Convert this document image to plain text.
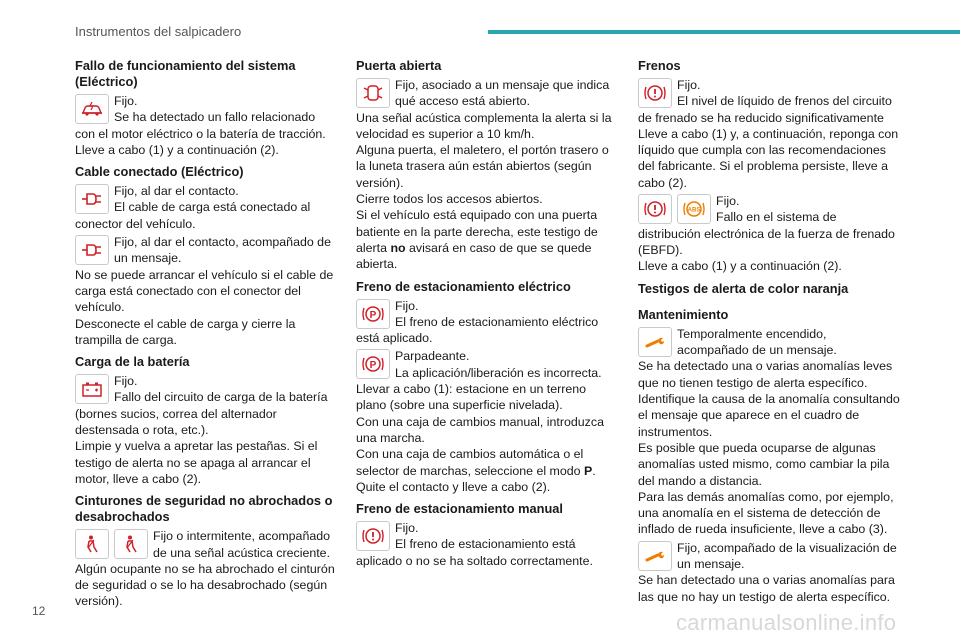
Instrumentos del salpicadero
Fallo de funcionamiento del sistema (Eléctrico)

Fijo.

Se ha detectado un fallo relacionado con el motor eléctrico o la batería de tracción.

Lleve a cabo (1) y a continuación (2).

Cable conectado (Eléctrico)

Fijo, al dar el contacto.

El cable de carga está conectado al conector del vehículo.

Fijo, al dar el contacto, acompañado de un mensaje.

No se puede arrancar el vehículo si el cable de carga está conectado con el conector del vehículo.

Desconecte el cable de carga y cierre la trampilla de carga.

Carga de la batería

Fijo.

Fallo del circuito de carga de la batería (bornes sucios, correa del alternador destensada o rota, etc.).

Limpie y vuelva a apretar las pestañas. Si el testigo de alerta no se apaga al arrancar el motor, lleve a cabo (2).

Cinturones de seguridad no abrochados o desabrochados

Fijo o intermitente, acompañado de una señal acústica creciente.

Algún ocupante no se ha abrochado el cinturón de seguridad o se lo ha desabrochado (según versión).

Puerta abierta

Fijo, asociado a un mensaje que indica qué acceso está abierto.

Una señal acústica complementa la alerta si la velocidad es superior a 10 km/h.

Alguna puerta, el maletero, el portón trasero o la luneta trasera aún están abiertos (según versión).

Cierre todos los accesos abiertos.

Si el vehículo está equipado con una puerta batiente en la parte derecha, este testigo de alerta no avisará en caso de que se quede abierta.

Freno de estacionamiento eléctrico
P

Fijo.

El freno de estacionamiento eléctrico está aplicado.

P

Parpadeante.

La aplicación/liberación es incorrecta.

Llevar a cabo (1): estacione en un terreno plano (sobre una superficie nivelada).

Con una caja de cambios manual, introduzca una marcha.

Con una caja de cambios automática o el selector de marchas, seleccione el modo P.

Quite el contacto y lleve a cabo (2).

Freno de estacionamiento manual

Fijo.

El freno de estacionamiento está aplicado o no se ha soltado correctamente.

Frenos

Fijo.

El nivel de líquido de frenos del circuito de frenado se ha reducido significativamente

Lleve a cabo (1) y, a continuación, reponga con líquido que cumpla con las recomendaciones del fabricante. Si el problema persiste, lleve a cabo (2).

ABS

Fijo.

Fallo en el sistema de distribución electrónica de la fuerza de frenado (EBFD).

Lleve a cabo (1) y a continuación (2).

Testigos de alerta de color naranja
Mantenimiento

Temporalmente encendido, acompañado de un mensaje.

Se ha detectado una o varias anomalías leves que no tienen testigo de alerta específico.

Identifique la causa de la anomalía consultando el mensaje que aparece en el cuadro de instrumentos.

Es posible que pueda ocuparse de algunas anomalías usted mismo, como cambiar la pila del mando a distancia.

Para las demás anomalías como, por ejemplo, una anomalía en el sistema de detección de inflado de rueda insuficiente, lleve a cabo (3).

Fijo, acompañado de la visualización de un mensaje.

Se han detectado una o varias anomalías para las que no hay un testigo de alerta específico.

12	carmanualsonline.info
